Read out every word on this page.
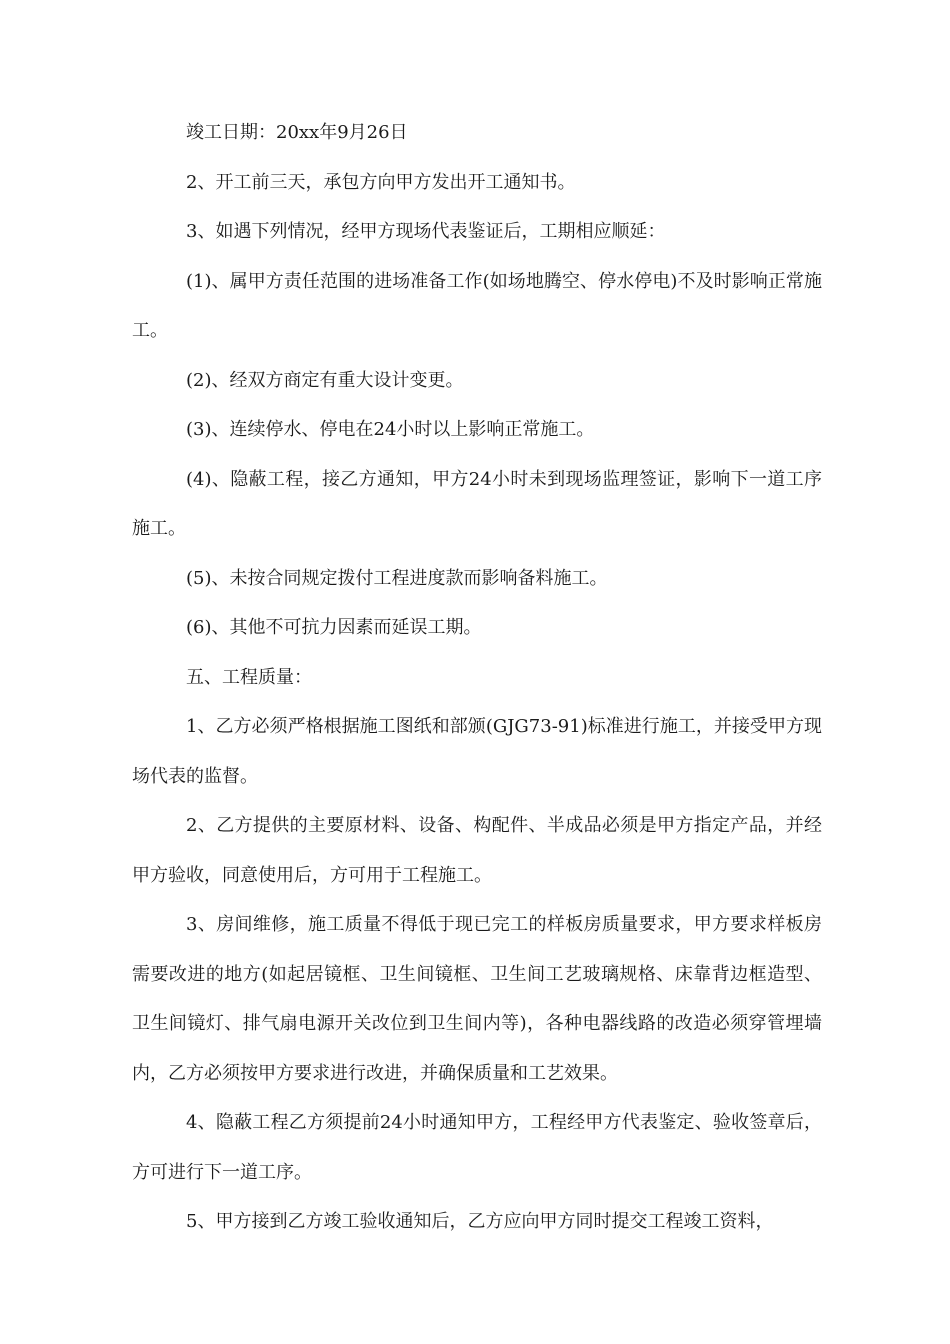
竣工日期：20xx年9月26日

2、开工前三天，承包方向甲方发出开工通知书。

3、如遇下列情况，经甲方现场代表鉴证后，工期相应顺延：

(1)、属甲方责任范围的进场准备工作(如场地腾空、停水停电)不及时影响正常施工。

(2)、经双方商定有重大设计变更。

(3)、连续停水、停电在24小时以上影响正常施工。

(4)、隐蔽工程，接乙方通知，甲方24小时未到现场监理签证，影响下一道工序施工。

(5)、未按合同规定拨付工程进度款而影响备料施工。

(6)、其他不可抗力因素而延误工期。

五、工程质量：

1、乙方必须严格根据施工图纸和部颁(GJG73-91)标准进行施工，并接受甲方现场代表的监督。

2、乙方提供的主要原材料、设备、构配件、半成品必须是甲方指定产品，并经甲方验收，同意使用后，方可用于工程施工。

3、房间维修，施工质量不得低于现已完工的样板房质量要求，甲方要求样板房需要改进的地方(如起居镜框、卫生间镜框、卫生间工艺玻璃规格、床靠背边框造型、卫生间镜灯、排气扇电源开关改位到卫生间内等)，各种电器线路的改造必须穿管埋墙内，乙方必须按甲方要求进行改进，并确保质量和工艺效果。

4、隐蔽工程乙方须提前24小时通知甲方，工程经甲方代表鉴定、验收签章后，方可进行下一道工序。

5、甲方接到乙方竣工验收通知后，乙方应向甲方同时提交工程竣工资料，
